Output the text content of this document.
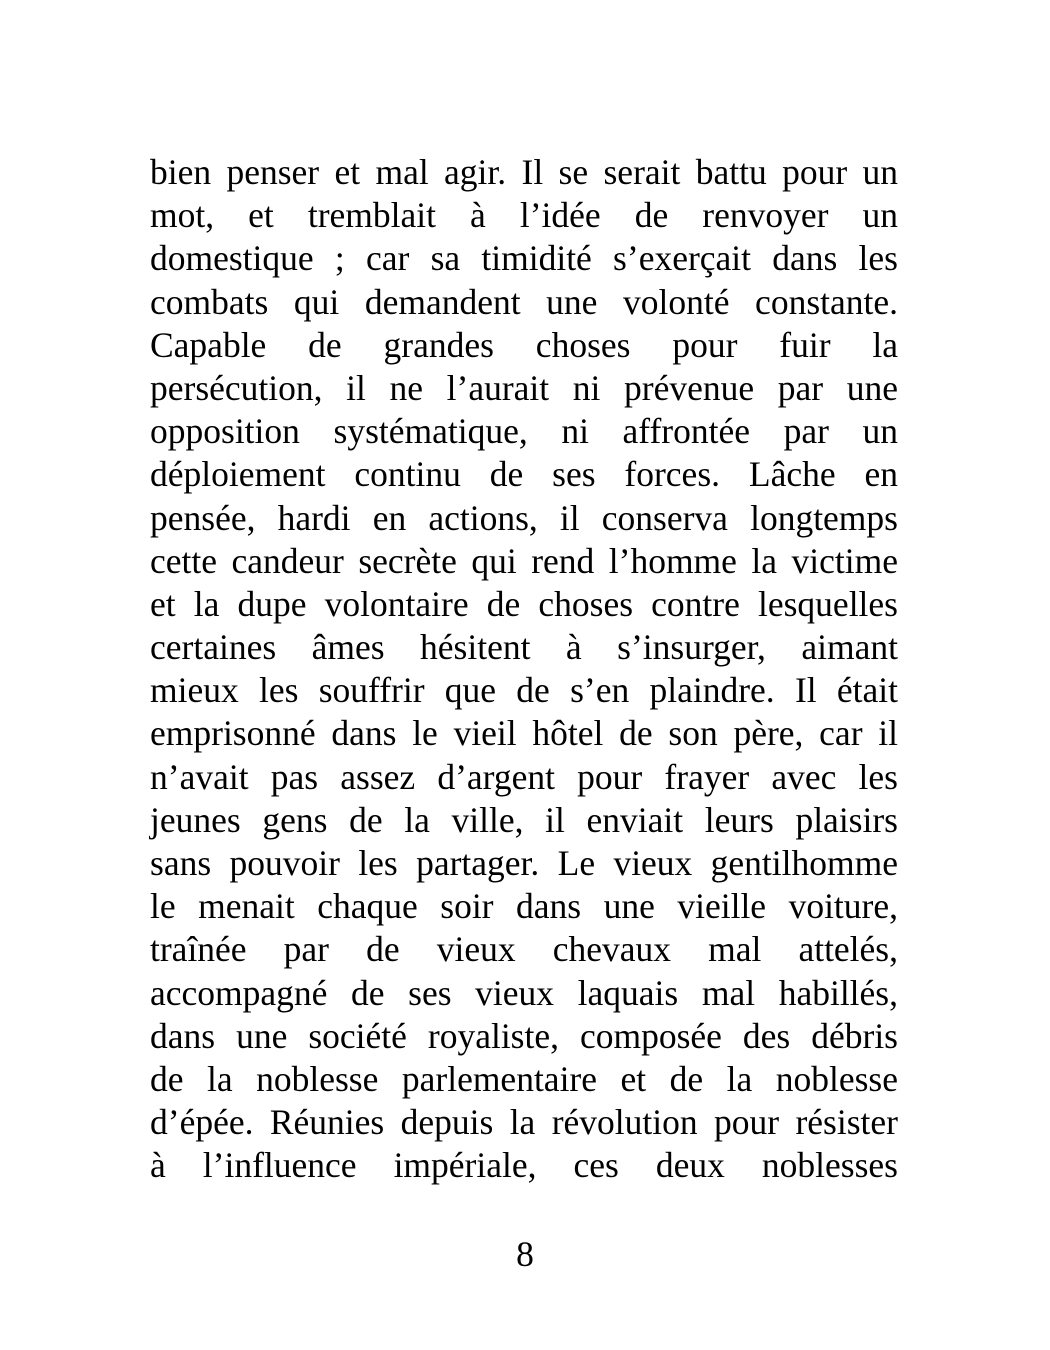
bien penser et mal agir. Il se serait battu pour un
mot, et tremblait à l’idée de renvoyer un
domestique ; car sa timidité s’exerçait dans les
combats qui demandent une volonté constante.
Capable de grandes choses pour fuir la
persécution, il ne l’aurait ni prévenue par une
opposition systématique, ni affrontée par un
déploiement continu de ses forces. Lâche en
pensée, hardi en actions, il conserva longtemps
cette candeur secrète qui rend l’homme la victime
et la dupe volontaire de choses contre lesquelles
certaines âmes hésitent à s’insurger, aimant
mieux les souffrir que de s’en plaindre. Il était
emprisonné dans le vieil hôtel de son père, car il
n’avait pas assez d’argent pour frayer avec les
jeunes gens de la ville, il enviait leurs plaisirs
sans pouvoir les partager. Le vieux gentilhomme
le menait chaque soir dans une vieille voiture,
traînée par de vieux chevaux mal attelés,
accompagné de ses vieux laquais mal habillés,
dans une société royaliste, composée des débris
de la noblesse parlementaire et de la noblesse
d’épée. Réunies depuis la révolution pour résister
à l’influence impériale, ces deux noblesses
8
